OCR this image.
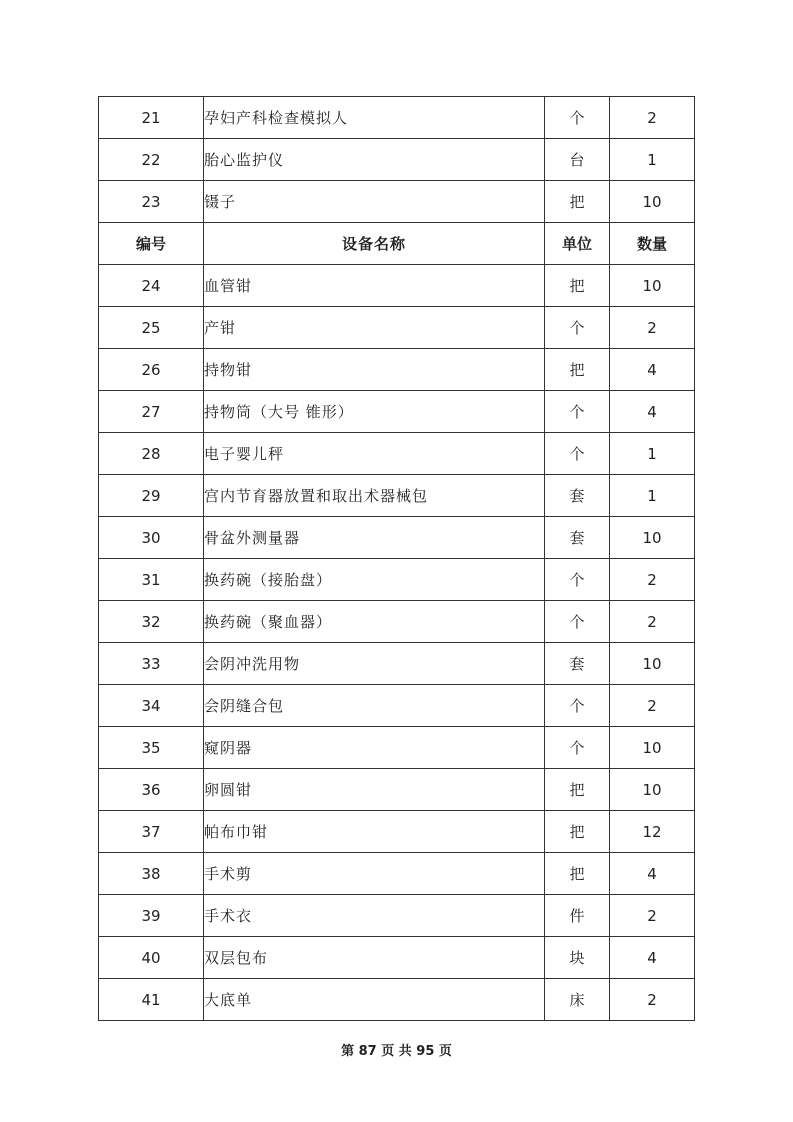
21	孕妇产科检查模拟人	个	2
22	胎心监护仪	台	1
23	镊子	把	10
编号	设备名称	单位	数量
24	血管钳	把	10
25	产钳	个	2
26	持物钳	把	4
27	持物筒（大号 锥形）	个	4
28	电子婴儿秤	个	1
29	宫内节育器放置和取出术器械包	套	1
30	骨盆外测量器	套	10
31	换药碗（接胎盘）	个	2
32	换药碗（聚血器）	个	2
33	会阴冲洗用物	套	10
34	会阴缝合包	个	2
35	窥阴器	个	10
36	卵圆钳	把	10
37	帕布巾钳	把	12
38	手术剪	把	4
39	手术衣	件	2
40	双层包布	块	4
41	大底单	床	2
第 87 页 共 95 页
